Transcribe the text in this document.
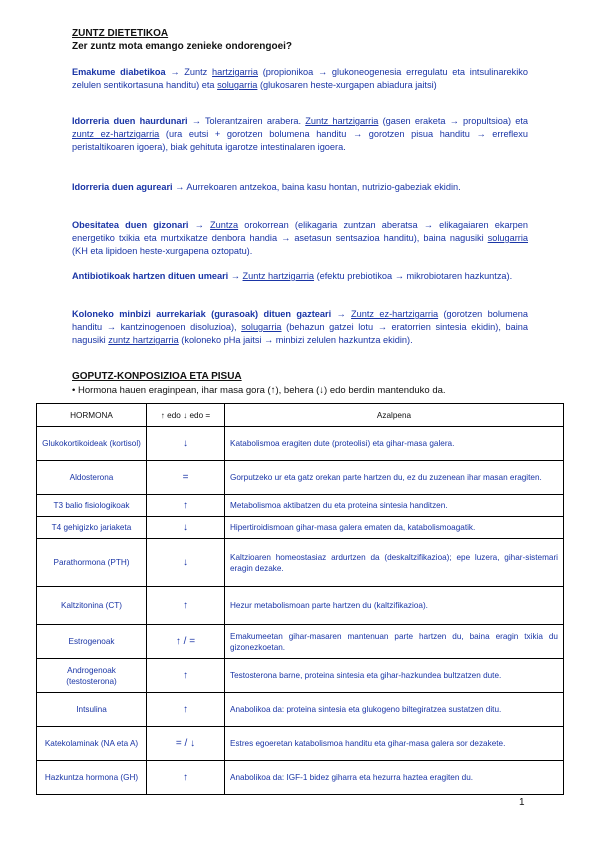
ZUNTZ DIETETIKOA
Zer zuntz mota emango zenieke ondorengoei?
Emakume diabetikoa → Zuntz hartzigarria (propionikoa → glukoneogenesia erregulatu eta intsulinarekiko zelulen sentikortasuna handitu) eta solugarria (glukosaren heste-xurgapen abiadura jaitsi)
Idorreria duen haurdunari → Tolerantzairen arabera. Zuntz hartzigarria (gasen eraketa → propultsioa) eta zuntz ez-hartzigarria (ura eutsi + gorotzen bolumena handitu → gorotzen pisua handitu → erreflexu peristaltikoaren igoera), biak gehituta igarotze intestinalaren igoera.
Idorreria duen agureari → Aurrekoaren antzekoa, baina kasu hontan, nutrizio-gabeziak ekidin.
Obesitatea duen gizonari → Zuntza orokorrean (elikagaria zuntzan aberatsa → elikagaiaren ekarpen energetiko txikia eta murtxikatze denbora handia → asetasun sentsazioa handitu), baina nagusiki solugarria (KH eta lipidoen heste-xurgapena oztopatu).
Antibiotikoak hartzen dituen umeari → Zuntz hartzigarria (efektu prebiotikoa → mikrobiotaren hazkuntza).
Koloneko minbizi aurrekariak (gurasoak) dituen gazteari → Zuntz ez-hartzigarria (gorotzen bolumena handitu → kantzinogenoen disoluzioa), solugarria (behazun gatzei lotu → eratorrien sintesia ekidin), baina nagusiki zuntz hartzigarria (koloneko pHa jaitsi → minbizi zelulen hazkuntza ekidin).
GOPUTZ-KONPOSIZIOA ETA PISUA
• Hormona hauen eraginpean, ihar masa gora (↑), behera (↓) edo berdin mantenduko da.
HORMONA	↑ edo ↓ edo =	Azalpena
Glukokortikoideak (kortisol)	↓	Katabolismoa eragiten dute (proteolisi) eta gihar-masa galera.
Aldosterona	=	Gorputzeko ur eta gatz orekan parte hartzen du, ez du zuzenean ihar masan eragiten.
T3 balio fisiologikoak	↑	Metabolismoa aktibatzen du eta proteina sintesia handitzen.
T4 gehigizko jariaketa	↓	Hipertiroidismoan gihar-masa galera ematen da, katabolismoagatik.
Parathormona (PTH)	↓	Kaltzioaren homeostasiaz ardurtzen da (deskaltzifikazioa); epe luzera, gihar-sistemari eragin dezake.
Kaltzitonina (CT)	↑	Hezur metabolismoan parte hartzen du (kaltzifikazioa).
Estrogenoak	↑ / =	Emakumeetan gihar-masaren mantenuan parte hartzen du, baina eragin txikia du gizonezkoetan.
Androgenoak (testosterona)	↑	Testosterona barne, proteina sintesia eta gihar-hazkundea bultzatzen dute.
Intsulina	↑	Anabolikoa da: proteina sintesia eta glukogeno biltegiratzea sustatzen ditu.
Katekolaminak (NA eta A)	= / ↓	Estres egoeretan katabolismoa handitu eta gihar-masa galera sor dezakete.
Hazkuntza hormona (GH)	↑	Anabolikoa da: IGF-1 bidez giharra eta hezurra haztea eragiten du.
1
